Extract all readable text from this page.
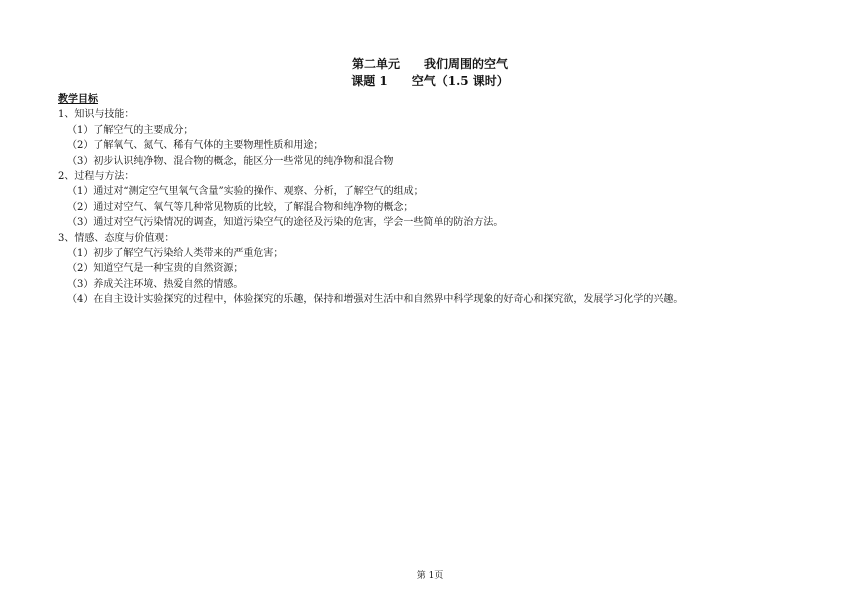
第二单元　　我们周围的空气
课题 1　　空气（1.5 课时）
教学目标
1、知识与技能：
（1）了解空气的主要成分；
（2）了解氧气、氮气、稀有气体的主要物理性质和用途；
（3）初步认识纯净物、混合物的概念，能区分一些常见的纯净物和混合物
2、过程与方法：
（1）通过对“测定空气里氧气含量”实验的操作、观察、分析，了解空气的组成；
（2）通过对空气、氧气等几种常见物质的比较，了解混合物和纯净物的概念；
（3）通过对空气污染情况的调查，知道污染空气的途径及污染的危害，学会一些简单的防治方法。
3、情感、态度与价值观：
（1）初步了解空气污染给人类带来的严重危害；
（2）知道空气是一种宝贵的自然资源；
（3）养成关注环境、热爱自然的情感。
（4）在自主设计实验探究的过程中，体验探究的乐趣，保持和增强对生活中和自然界中科学现象的好奇心和探究欲，发展学习化学的兴趣。
第 1页
